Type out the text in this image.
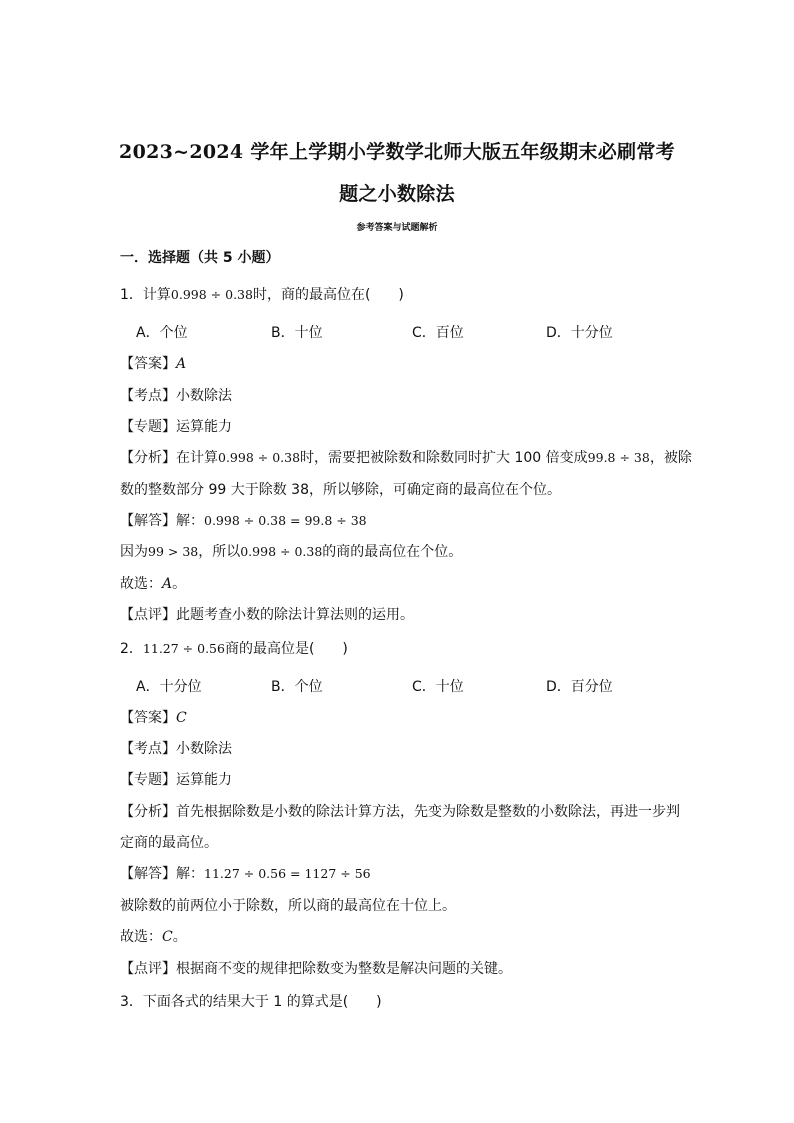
2023~2024 学年上学期小学数学北师大版五年级期末必刷常考
题之小数除法
参考答案与试题解析
一．选择题（共 5 小题）
1．计算0.998 ÷ 0.38时，商的最高位在(　　)
A．个位	B．十位	C．百位	D．十分位
【答案】A
【考点】小数除法
【专题】运算能力
【分析】在计算0.998 ÷ 0.38时，需要把被除数和除数同时扩大 100 倍变成99.8 ÷ 38，被除
数的整数部分 99 大于除数 38，所以够除，可确定商的最高位在个位。
【解答】解：0.998 ÷ 0.38 = 99.8 ÷ 38
因为99 > 38，所以0.998 ÷ 0.38的商的最高位在个位。
故选：A。
【点评】此题考查小数的除法计算法则的运用。
2．11.27 ÷ 0.56商的最高位是(　　)
A．十分位	B．个位	C．十位	D．百分位
【答案】C
【考点】小数除法
【专题】运算能力
【分析】首先根据除数是小数的除法计算方法，先变为除数是整数的小数除法，再进一步判
定商的最高位。
【解答】解：11.27 ÷ 0.56 = 1127 ÷ 56
被除数的前两位小于除数，所以商的最高位在十位上。
故选：C。
【点评】根据商不变的规律把除数变为整数是解决问题的关键。
3．下面各式的结果大于 1 的算式是(　　)
